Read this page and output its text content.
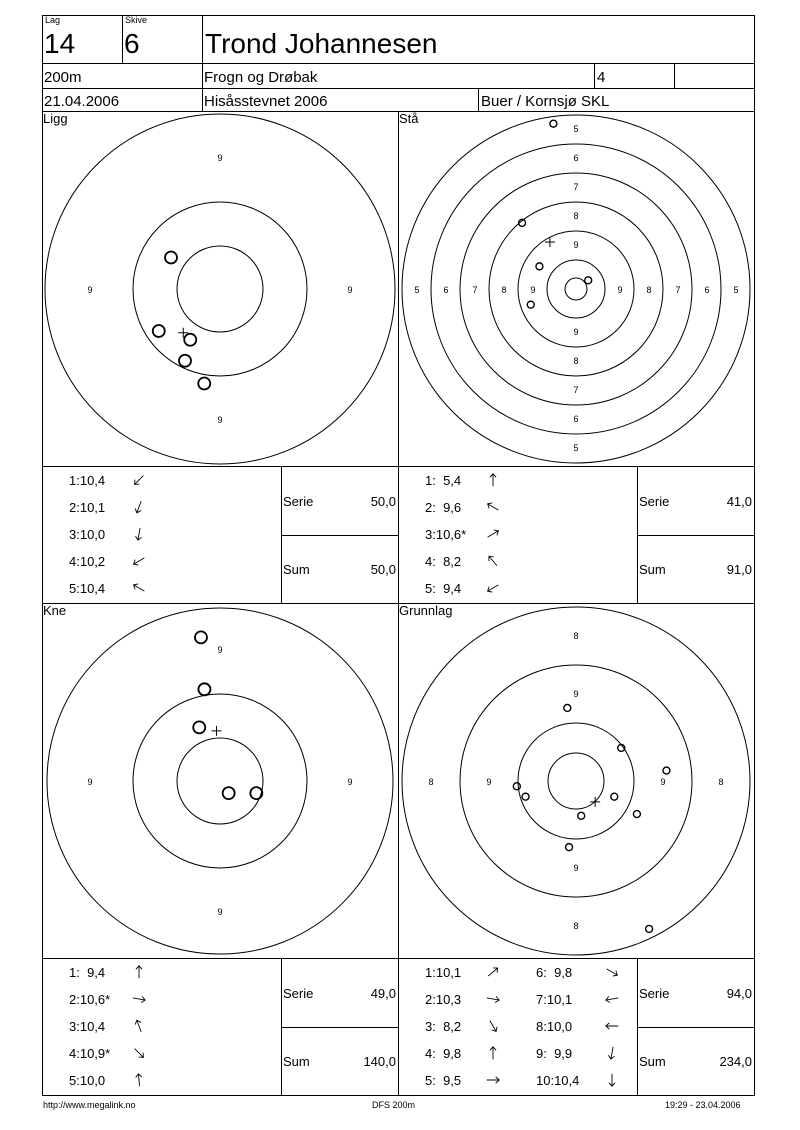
Lag
14
Skive
6 Trond Johannesen
200m	Frogn og Drøbak	4
21.04.2006	Hisåsstevnet 2006	Buer / Kornsjø SKL
Ligg	Stå
Kne	Grunnlag
9
9
9	9
5
6
7
8
9
9
8
7
6
5
5	6	7	8	9	9	8	7	6	5
9
9
9	9
8
9
9
8
8	9	9	8
1:10,4
2:10,1
3:10,0
4:10,2
5:10,4
1:  5,4
2:  9,6
3:10,6*
4:  8,2
5:  9,4
1:  9,4
2:10,6*
3:10,4
4:10,9*
5:10,0
1:10,1
2:10,3
3:  8,2
4:  9,8
5:  9,5
6:  9,8
7:10,1
8:10,0
9:  9,9
10:10,4
Serie	50,0
Sum	50,0
Serie	41,0
Sum	91,0
Serie	49,0
Sum	140,0
Serie	94,0
Sum	234,0
http://www.megalink.no	DFS 200m	19:29 - 23.04.2006
